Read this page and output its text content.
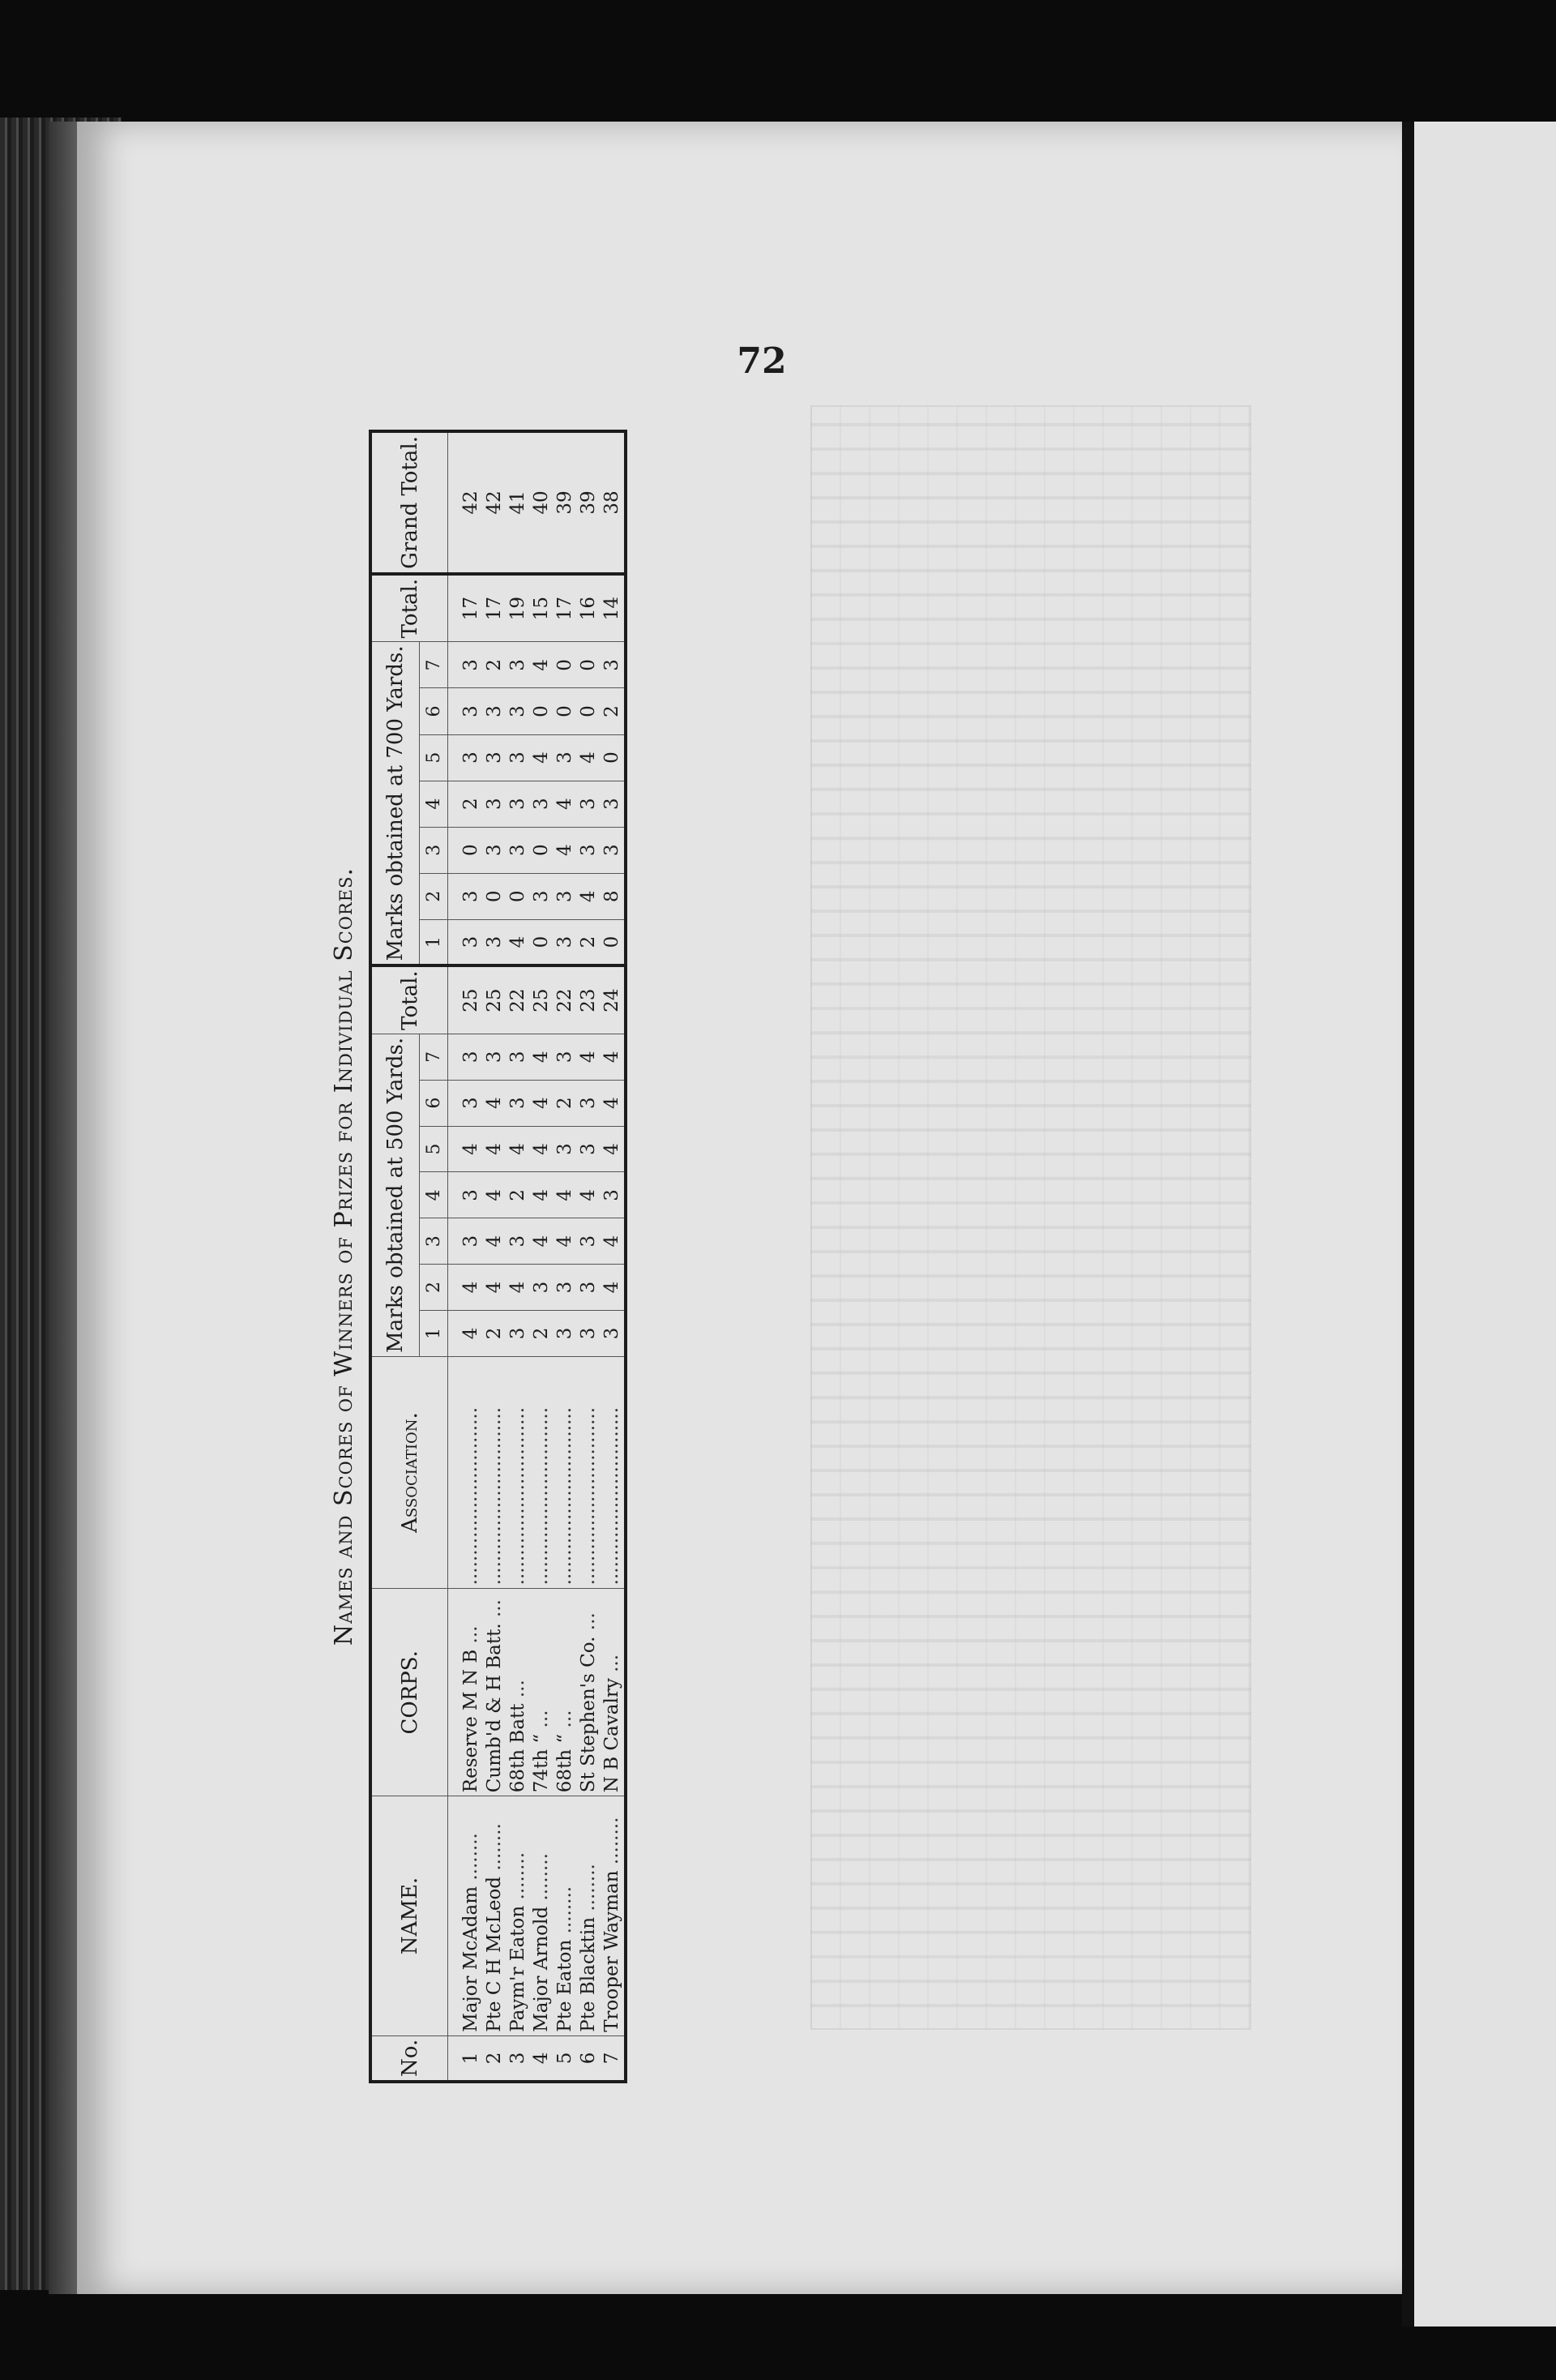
72
Names and Scores of Winners of Prizes for Individual Scores.
No.	NAME.	CORPS.	Association.	Marks obtained at 500 Yards.							Total.	Marks obtained at 700 Yards.							Total.	Grand Total.
				1	2	3	4	5	6	7		1	2	3	4	5	6	7		
1	Major McAdam ........	Reserve M N B ...	..............................	4	4	3	3	4	3	3	25	3	3	0	2	3	3	3	17	42
2	Pte C H McLeod ........	Cumb'd & H Batt. ...	..............................	2	4	4	4	4	4	3	25	3	0	3	3	3	3	2	17	42
3	Paym'r Eaton ........	68th Batt ...	..............................	3	4	3	2	4	3	3	22	4	0	3	3	3	3	3	19	41
4	Major Arnold ........	74th “ ...	..............................	2	3	4	4	4	4	4	25	0	3	0	3	4	0	4	15	40
5	Pte Eaton ........	68th “ ...	..............................	3	3	4	4	3	2	3	22	3	3	4	4	3	0	0	17	39
6	Pte Blacktin ........	St Stephen's Co. ...	..............................	3	3	3	4	3	3	4	23	2	4	3	3	4	0	0	16	39
7	Trooper Wayman ........	N B Cavalry ...	..............................	3	4	4	3	4	4	4	24	0	8	3	3	0	2	3	14	38
